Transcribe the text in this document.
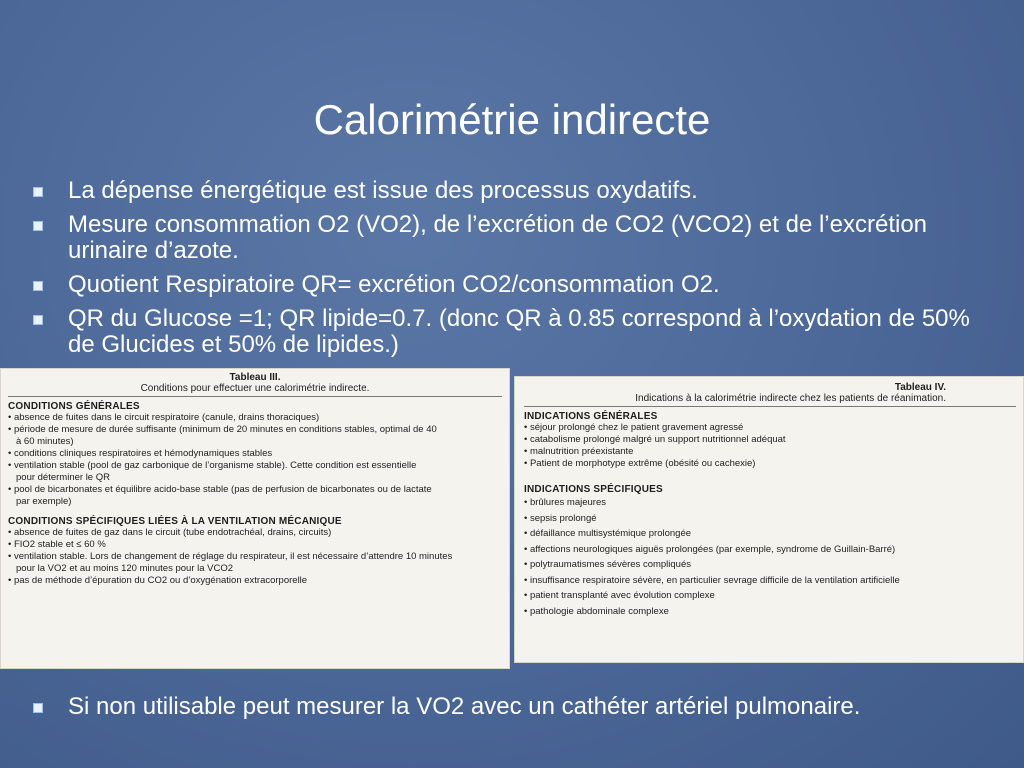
Calorimétrie indirecte
La dépense énergétique est issue des processus oxydatifs.
Mesure consommation O2 (VO2), de l’excrétion de CO2 (VCO2) et de l’excrétion urinaire d’azote.
Quotient Respiratoire QR= excrétion CO2/consommation O2.
QR du Glucose =1; QR lipide=0.7. (donc QR à 0.85 correspond à l’oxydation de 50% de Glucides et 50% de lipides.)
Tableau III.
Conditions pour effectuer une calorimétrie indirecte.
CONDITIONS GÉNÉRALES
• absence de fuites dans le circuit respiratoire (canule, drains thoraciques)
• période de mesure de durée suffisante (minimum de 20 minutes en conditions stables, optimal de 40
à 60 minutes)
• conditions cliniques respiratoires et hémodynamiques stables
• ventilation stable (pool de gaz carbonique de l’organisme stable). Cette condition est essentielle
pour déterminer le QR
• pool de bicarbonates et équilibre acido-base stable (pas de perfusion de bicarbonates ou de lactate
par exemple)
CONDITIONS SPÉCIFIQUES LIÉES À LA VENTILATION MÉCANIQUE
• absence de fuites de gaz dans le circuit (tube endotrachéal, drains, circuits)
• FIO2 stable et ≤ 60 %
• ventilation stable. Lors de changement de réglage du respirateur, il est nécessaire d’attendre 10 minutes
pour la VO2 et au moins 120 minutes pour la VCO2
• pas de méthode d’épuration du CO2 ou d’oxygénation extracorporelle
Tableau IV.
Indications à la calorimétrie indirecte chez les patients de réanimation.
INDICATIONS GÉNÉRALES
• séjour prolongé chez le patient gravement agressé
• catabolisme prolongé malgré un support nutritionnel adéquat
• malnutrition préexistante
• Patient de morphotype extrême (obésité ou cachexie)
INDICATIONS SPÉCIFIQUES
• brûlures majeures
• sepsis prolongé
• défaillance multisystémique prolongée
• affections neurologiques aiguës prolongées (par exemple, syndrome de Guillain-Barré)
• polytraumatismes sévères compliqués
• insuffisance respiratoire sévère, en particulier sevrage difficile de la ventilation artificielle
• patient transplanté avec évolution complexe
• pathologie abdominale complexe
Si non utilisable peut mesurer la VO2 avec un cathéter artériel pulmonaire.
